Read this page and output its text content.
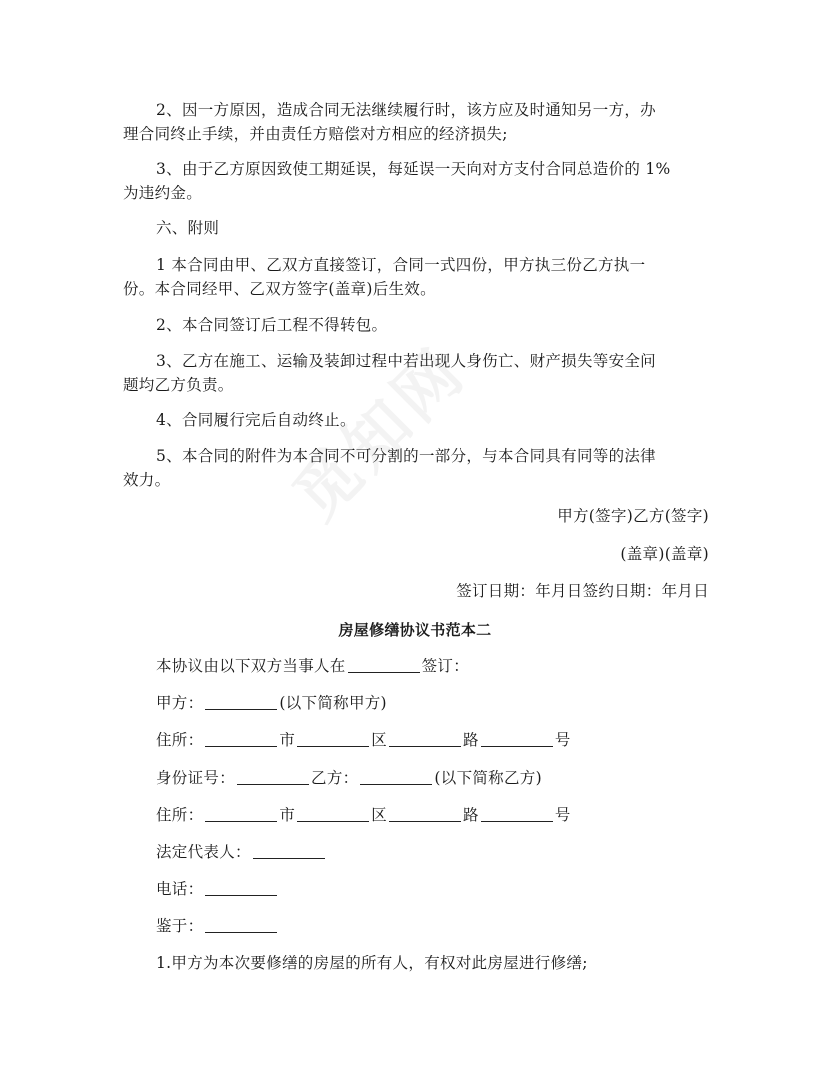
2、因一方原因，造成合同无法继续履行时，该方应及时通知另一方，办
理合同终止手续，并由责任方赔偿对方相应的经济损失;
3、由于乙方原因致使工期延误，每延误一天向对方支付合同总造价的 1%
为违约金。
六、附则
1 本合同由甲、乙双方直接签订，合同一式四份，甲方执三份乙方执一
份。本合同经甲、乙双方签字(盖章)后生效。
2、本合同签订后工程不得转包。
3、乙方在施工、运输及装卸过程中若出现人身伤亡、财产损失等安全问
题均乙方负责。
4、合同履行完后自动终止。
5、本合同的附件为本合同不可分割的一部分，与本合同具有同等的法律
效力。
甲方(签字)乙方(签字)
(盖章)(盖章)
签订日期：年月日签约日期：年月日
房屋修缮协议书范本二
本协议由以下双方当事人在	签订：
甲方：	(以下简称甲方)
住所：	市	区	路	号
身份证号：	乙方：	(以下简称乙方)
住所：	市	区	路	号
法定代表人：
电话：
鉴于：
1.甲方为本次要修缮的房屋的所有人，有权对此房屋进行修缮;
